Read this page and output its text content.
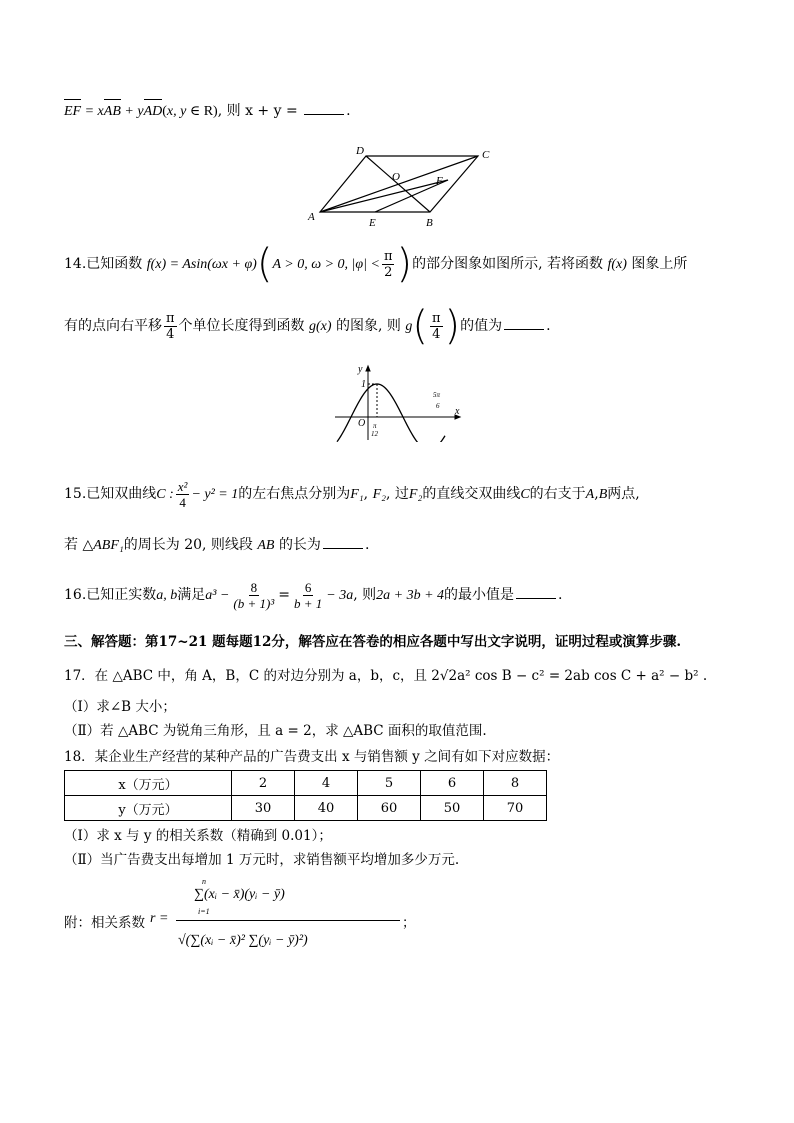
EF = xAB + yAD(x, y ∈ R), 则 x + y =	.
D	C
O	F
A	E	B
14.已知函数 f(x) = Asin(ωx + φ)(A > 0, ω > 0, $|\varphi| < \frac{\pi}{2}$ )的部分图象如图所示, 若将函数 f(x) 图象上所
有的点向右平移 $\frac{\pi}{4}$ 个单位长度得到函数 g(x) 的图象, 则 $g( \frac{\pi}{4}$ )的值为	.
y
x
1
O π
12
5π
6
15.已知双曲线C : $\frac{\text{x²}}{4} - y^2 = 1$的左右焦点分别为F₁, F₂, 过F₂的直线交双曲线C的右支于A,B两点,
若 △ABF₁的周长为 20, 则线段 AB 的长为	.
16.已知正实数a, b满足$a^3 - \frac{8}{\text{(b + 1)³}} = \frac{6}{b + 1} - 3a$, 则2a + 3b + 4的最小值是	.
三、解答题：第17~21 题每题12分，解答应在答卷的相应各题中写出文字说明，证明过程或演算步骤.
17．在 △ABC 中，角 A，B，C 的对边分别为 a，b，c，且 2√2a² cos B − c² = 2ab cos C + a² − b² .
（Ⅰ）求∠B 大小；
（Ⅱ）若 △ABC 为锐角三角形，且 a = 2，求 △ABC 面积的取值范围.
18．某企业生产经营的某种产品的广告费支出 x 与销售额 y 之间有如下对应数据：
x（万元）	2	4	5	6	8
y（万元）	30	40	60	50	70
（Ⅰ）求 x 与 y 的相关系数（精确到 0.01）；
（Ⅱ）当广告费支出每增加 1 万元时，求销售额平均增加多少万元.
附：相关系数 r =
n
i=1
∑(xᵢ − x̄)(yᵢ − ȳ)
√(∑(xᵢ − x̄)² ∑(yᵢ − ȳ)²)
；
